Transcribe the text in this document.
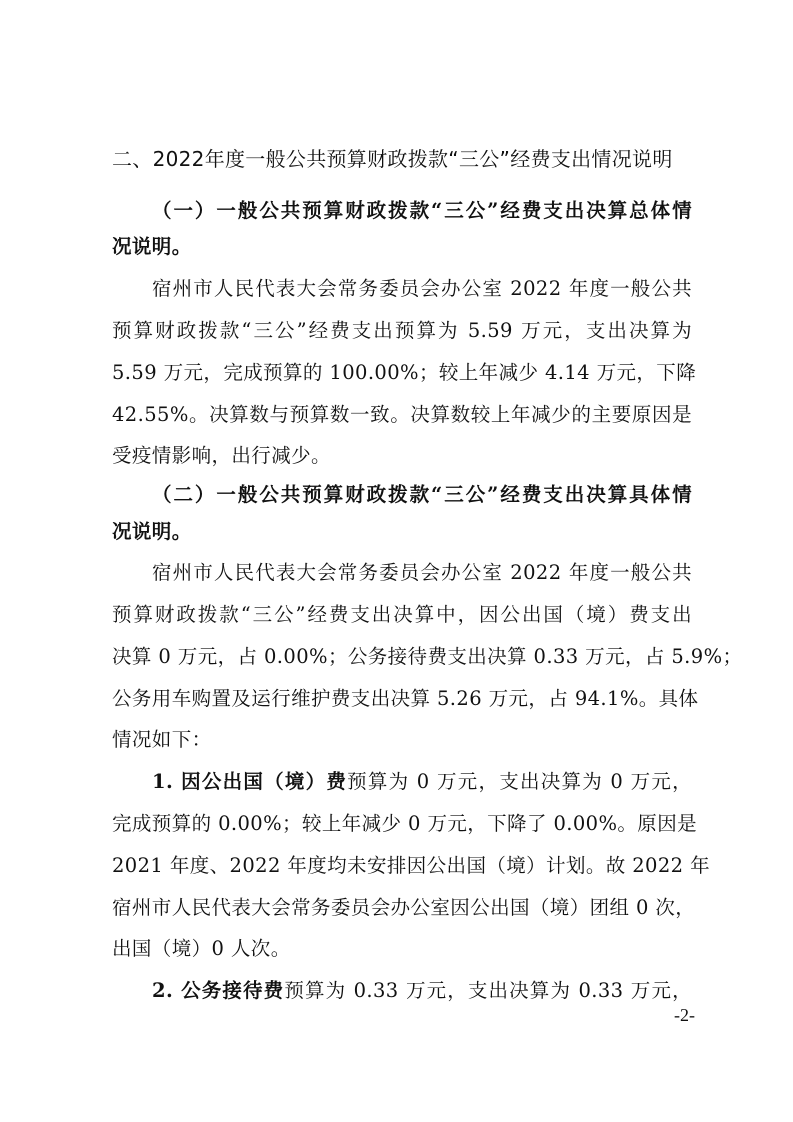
二、2022年度一般公共预算财政拨款“三公”经费支出情况说明
（一）一般公共预算财政拨款“三公”经费支出决算总体情
况说明。
宿州市人民代表大会常务委员会办公室 2022 年度一般公共
预算财政拨款“三公”经费支出预算为 5.59 万元，支出决算为
5.59 万元，完成预算的 100.00%；较上年减少 4.14 万元，下降
42.55%。决算数与预算数一致。决算数较上年减少的主要原因是
受疫情影响，出行减少。
（二）一般公共预算财政拨款“三公”经费支出决算具体情
况说明。
宿州市人民代表大会常务委员会办公室 2022 年度一般公共
预算财政拨款“三公”经费支出决算中，因公出国（境）费支出
决算 0 万元，占 0.00%；公务接待费支出决算 0.33 万元，占 5.9%；
公务用车购置及运行维护费支出决算 5.26 万元，占 94.1%。具体
情况如下：
1. 因公出国（境）费预算为 0 万元，支出决算为 0 万元，
完成预算的 0.00%；较上年减少 0 万元，下降了 0.00%。原因是
2021 年度、2022 年度均未安排因公出国（境）计划。故 2022 年
宿州市人民代表大会常务委员会办公室因公出国（境）团组 0 次，
出国（境）0 人次。
2. 公务接待费预算为 0.33 万元，支出决算为 0.33 万元，
-2-
